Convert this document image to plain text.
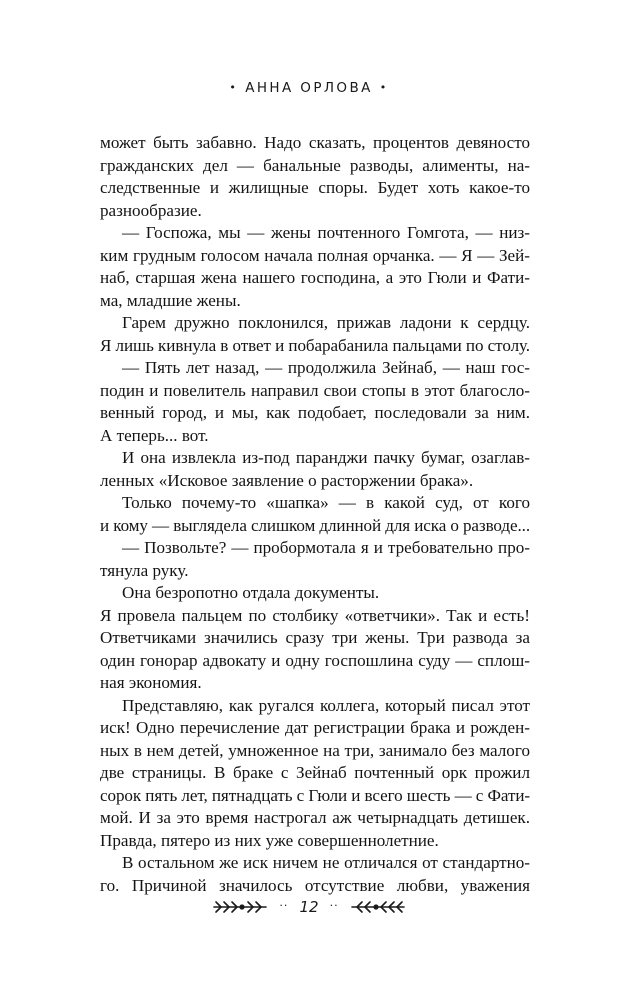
• АННА ОРЛОВА •
может быть забавно. Надо сказать, процентов девяносто
гражданских дел — банальные разводы, алименты, на-
следственные и жилищные споры. Будет хоть какое-то
разнообразие.
— Госпожа, мы — жены почтенного Гомгота, — низ-
ким грудным голосом начала полная орчанка. — Я — Зей-
наб, старшая жена нашего господина, а это Гюли и Фати-
ма, младшие жены.
Гарем дружно поклонился, прижав ладони к сердцу.
Я лишь кивнула в ответ и побарабанила пальцами по столу.
— Пять лет назад, — продолжила Зейнаб, — наш гос-
подин и повелитель направил свои стопы в этот благосло-
венный город, и мы, как подобает, последовали за ним.
А теперь... вот.
И она извлекла из-под паранджи пачку бумаг, озаглав-
ленных «Исковое заявление о расторжении брака».
Только почему-то «шапка» — в какой суд, от кого
и кому — выглядела слишком длинной для иска о разводе...
— Позвольте? — пробормотала я и требовательно про-
тянула руку.
Она безропотно отдала документы.
Я провела пальцем по столбику «ответчики». Так и есть!
Ответчиками значились сразу три жены. Три развода за
один гонорар адвокату и одну госпошлина суду — сплош-
ная экономия.
Представляю, как ругался коллега, который писал этот
иск! Одно перечисление дат регистрации брака и рожден-
ных в нем детей, умноженное на три, занимало без малого
две страницы. В браке с Зейнаб почтенный орк прожил
сорок пять лет, пятнадцать с Гюли и всего шесть — с Фати-
мой. И за это время настрогал аж четырнадцать детишек.
Правда, пятеро из них уже совершеннолетние.
В остальном же иск ничем не отличался от стандартно-
го. Причиной значилось отсутствие любви, уважения
·· 12 ··
